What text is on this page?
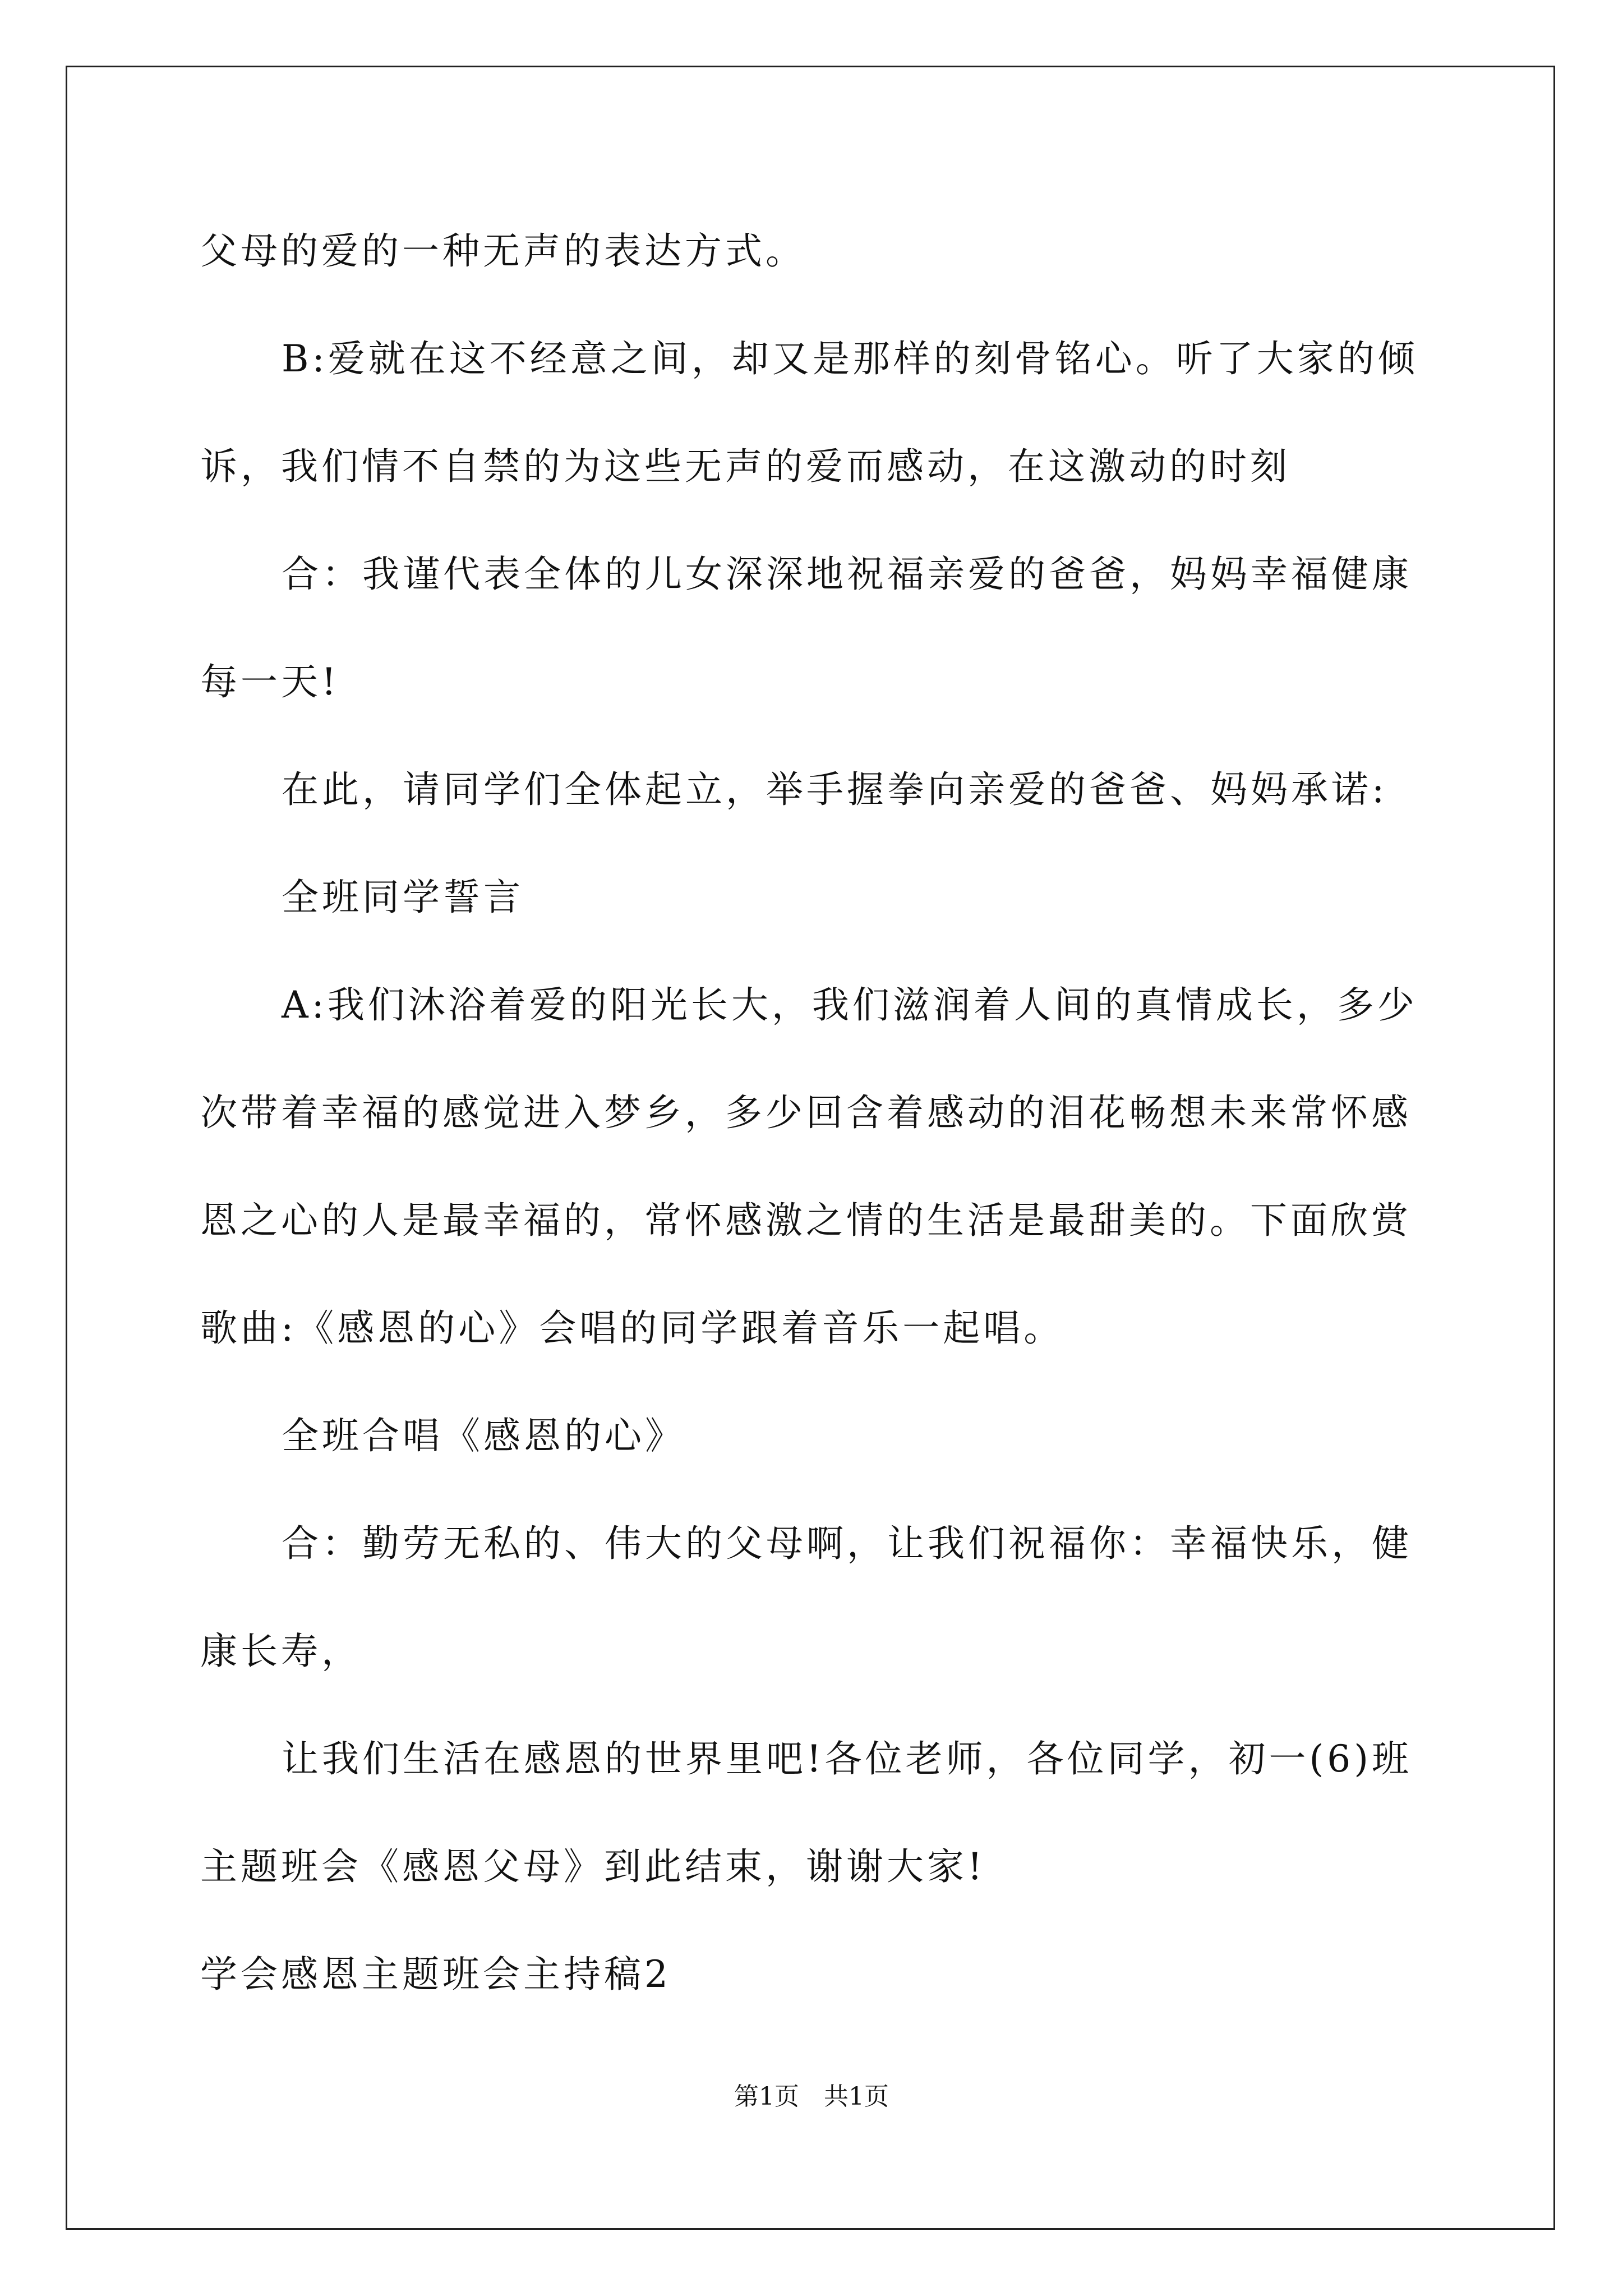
父母的爱的一种无声的表达方式。
B:爱就在这不经意之间，却又是那样的刻骨铭心。听了大家的倾
诉，我们情不自禁的为这些无声的爱而感动，在这激动的时刻
合：我谨代表全体的儿女深深地祝福亲爱的爸爸，妈妈幸福健康
每一天!
在此，请同学们全体起立，举手握拳向亲爱的爸爸、妈妈承诺:
全班同学誓言
A:我们沐浴着爱的阳光长大，我们滋润着人间的真情成长，多少
次带着幸福的感觉进入梦乡，多少回含着感动的泪花畅想未来常怀感
恩之心的人是最幸福的，常怀感激之情的生活是最甜美的。下面欣赏
歌曲:《感恩的心》会唱的同学跟着音乐一起唱。
全班合唱《感恩的心》
合：勤劳无私的、伟大的父母啊，让我们祝福你：幸福快乐，健
康长寿，
让我们生活在感恩的世界里吧!各位老师，各位同学，初一(6)班
主题班会《感恩父母》到此结束，谢谢大家!
学会感恩主题班会主持稿2
第1页　共1页
